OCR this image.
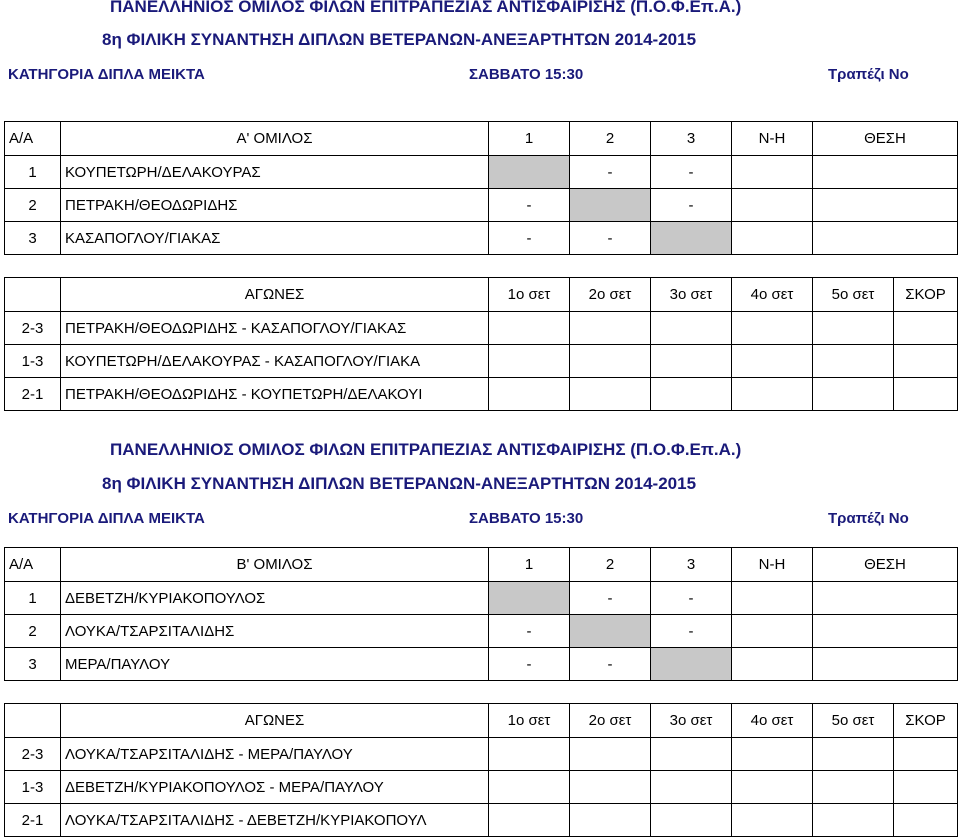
ΠΑΝΕΛΛΗΝΙΟΣ ΟΜΙΛΟΣ ΦΙΛΩΝ ΕΠΙΤΡΑΠΕΖΙΑΣ ΑΝΤΙΣΦΑΙΡΙΣΗΣ (Π.Ο.Φ.Επ.Α.)
8η ΦΙΛΙΚΗ ΣΥΝΑΝΤΗΣΗ ΔΙΠΛΩΝ ΒΕΤΕΡΑΝΩΝ-ΑΝΕΞΑΡΤΗΤΩΝ 2014-2015
ΚΑΤΗΓΟΡΙΑ ΔΙΠΛΑ ΜΕΙΚΤΑ	ΣΑΒΒΑΤΟ 15:30	Τραπέζι Νο
Α/Α	Α' ΟΜΙΛΟΣ	1	2	3	Ν-Η	ΘΕΣΗ
1	ΚΟΥΠΕΤΩΡΗ/ΔΕΛΑΚΟΥΡΑΣ		-	-		
2	ΠΕΤΡΑΚΗ/ΘΕΟΔΩΡΙΔΗΣ	-		-		
3	ΚΑΣΑΠΟΓΛΟΥ/ΓΙΑΚΑΣ	-	-			
	ΑΓΩΝΕΣ	1ο σετ	2ο σετ	3ο σετ	4ο σετ	5ο σετ	ΣΚΟΡ
2-3	ΠΕΤΡΑΚΗ/ΘΕΟΔΩΡΙΔΗΣ - ΚΑΣΑΠΟΓΛΟΥ/ΓΙΑΚΑΣ						
1-3	ΚΟΥΠΕΤΩΡΗ/ΔΕΛΑΚΟΥΡΑΣ - ΚΑΣΑΠΟΓΛΟΥ/ΓΙΑΚΑ						
2-1	ΠΕΤΡΑΚΗ/ΘΕΟΔΩΡΙΔΗΣ - ΚΟΥΠΕΤΩΡΗ/ΔΕΛΑΚΟΥΙ						
ΠΑΝΕΛΛΗΝΙΟΣ ΟΜΙΛΟΣ ΦΙΛΩΝ ΕΠΙΤΡΑΠΕΖΙΑΣ ΑΝΤΙΣΦΑΙΡΙΣΗΣ (Π.Ο.Φ.Επ.Α.)
8η ΦΙΛΙΚΗ ΣΥΝΑΝΤΗΣΗ ΔΙΠΛΩΝ ΒΕΤΕΡΑΝΩΝ-ΑΝΕΞΑΡΤΗΤΩΝ 2014-2015
ΚΑΤΗΓΟΡΙΑ ΔΙΠΛΑ ΜΕΙΚΤΑ	ΣΑΒΒΑΤΟ 15:30	Τραπέζι Νο
Α/Α	Β' ΟΜΙΛΟΣ	1	2	3	Ν-Η	ΘΕΣΗ
1	ΔΕΒΕΤΖΗ/ΚΥΡΙΑΚΟΠΟΥΛΟΣ		-	-		
2	ΛΟΥΚΑ/ΤΣΑΡΣΙΤΑΛΙΔΗΣ	-		-		
3	ΜΕΡΑ/ΠΑΥΛΟΥ	-	-			
	ΑΓΩΝΕΣ	1ο σετ	2ο σετ	3ο σετ	4ο σετ	5ο σετ	ΣΚΟΡ
2-3	ΛΟΥΚΑ/ΤΣΑΡΣΙΤΑΛΙΔΗΣ - ΜΕΡΑ/ΠΑΥΛΟΥ						
1-3	ΔΕΒΕΤΖΗ/ΚΥΡΙΑΚΟΠΟΥΛΟΣ - ΜΕΡΑ/ΠΑΥΛΟΥ						
2-1	ΛΟΥΚΑ/ΤΣΑΡΣΙΤΑΛΙΔΗΣ - ΔΕΒΕΤΖΗ/ΚΥΡΙΑΚΟΠΟΥΛ						
